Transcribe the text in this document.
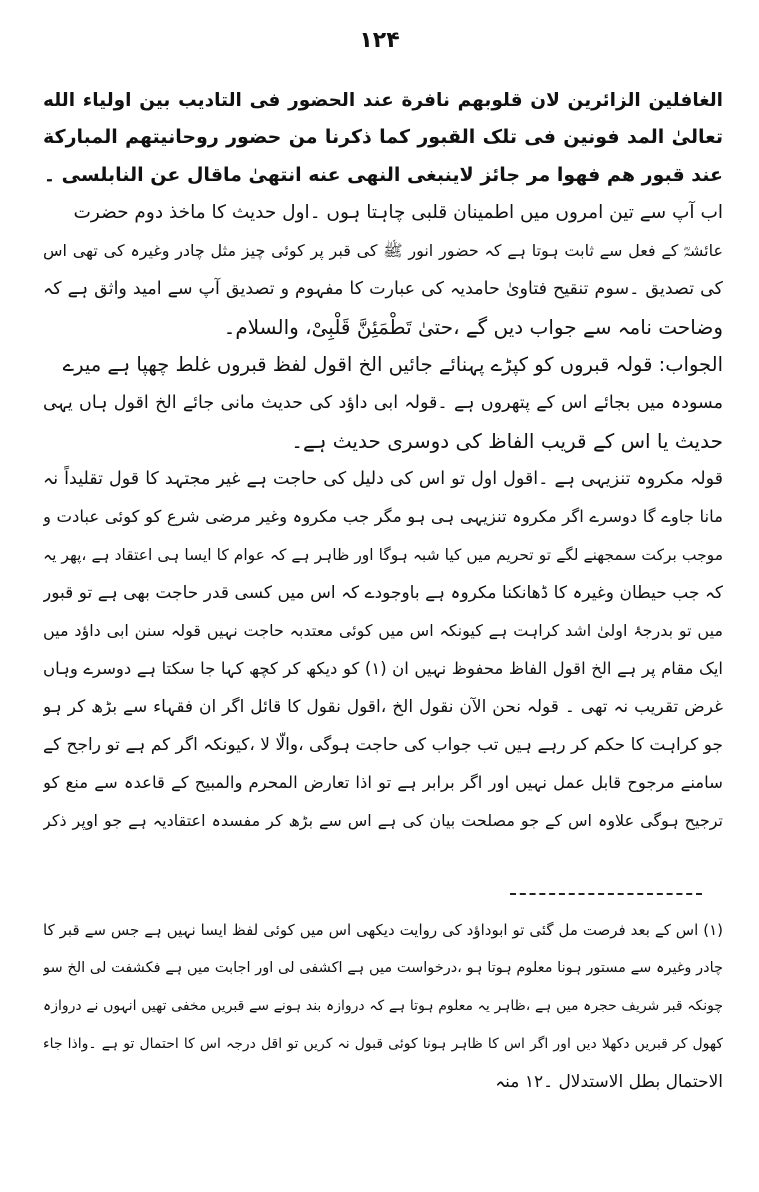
۱۲۴
الغافلين الزائرين لان قلوبهم نافرة عند الحضور فی التاديب بين اولياء الله
تعالیٰ المد فونين فی تلک القبور كما ذكرنا من حضور روحانيتهم المباركة
عند قبور هم فهوا مر جائز لاينبغی النهی عنه انتهیٰ ماقال عن النابلسی ۔
اب آپ سے تین امروں میں اطمینان قلبی چاہتا ہوں ۔اول حدیث کا ماخذ دوم حضرت
عائشہؓ کے فعل سے ثابت ہوتا ہے کہ حضور انور ﷺ کی قبر پر کوئی چیز مثل چادر وغیرہ کی تھی اس
کی تصدیق ۔سوم تنقیح فتاویٰ حامدیہ کی عبارت کا مفہوم و تصدیق آپ سے امید واثق ہے کہ
وضاحت نامہ سے جواب دیں گے ،حتیٰ تَطْمَئِنَّ قَلْبِیْ، والسلام۔
الجواب: قولہ قبروں کو کپڑے پہنائے جائیں الخ اقول لفظ قبروں غلط چھپا ہے میرے
مسودہ میں بجائے اس کے پتھروں ہے ۔قولہ ابی داؤد کی حدیث مانی جائے الخ اقول ہاں یہی
حدیث یا اس کے قریب الفاظ کی دوسری حدیث ہے۔
قولہ مکروہ تنزیہی ہے ۔اقول اول تو اس کی دلیل کی حاجت ہے غیر مجتہد کا قول تقلیداً نہ
مانا جاوے گا دوسرے اگر مکروہ تنزیہی ہی ہو مگر جب مکروہ وغیر مرضی شرع کو کوئی عبادت و
موجب برکت سمجھنے لگے تو تحریم میں کیا شبہ ہوگا اور ظاہر ہے کہ عوام کا ایسا ہی اعتقاد ہے ،پھر یہ
کہ جب حیطان وغیرہ کا ڈھانکنا مکروہ ہے باوجودے کہ اس میں کسی قدر حاجت بھی ہے تو قبور
میں تو بدرجۂ اولیٰ اشد کراہت ہے کیونکہ اس میں کوئی معتدبہ حاجت نہیں قولہ سنن ابی داؤد میں
ایک مقام پر ہے الخ اقول الفاظ محفوظ نہیں ان (۱) کو دیکھ کر کچھ کہا جا سکتا ہے دوسرے وہاں
غرض تقریب نہ تھی ۔ قولہ نحن الآن نقول الخ ،اقول نقول کا قائل اگر ان فقہاء سے بڑھ کر ہو
جو کراہت کا حکم کر رہے ہیں تب جواب کی حاجت ہوگی ،والّا لا ،کیونکہ اگر کم ہے تو راجح کے
سامنے مرجوح قابل عمل نہیں اور اگر برابر ہے تو اذا تعارض المحرم والمبیح کے قاعدہ سے منع کو
ترجیح ہوگی علاوہ اس کے جو مصلحت بیان کی ہے اس سے بڑھ کر مفسدہ اعتقادیہ ہے جو اوپر ذکر
(۱) اس کے بعد فرصت مل گئی تو ابوداؤد کی روایت دیکھی اس میں کوئی لفظ ایسا نہیں ہے جس سے قبر کا
چادر وغیرہ سے مستور ہونا معلوم ہوتا ہو ،درخواست میں ہے اکشفی لی اور اجابت میں ہے فکشفت لی الخ سو
چونکہ قبر شریف حجرہ میں ہے ،ظاہر یہ معلوم ہوتا ہے کہ دروازہ بند ہونے سے قبریں مخفی تھیں انہوں نے دروازہ
کھول کر قبریں دکھلا دیں اور اگر اس کا ظاہر ہونا کوئی قبول نہ کریں تو اقل درجہ اس کا احتمال تو ہے ۔واذا جاء
الاحتمال بطل الاستدلال ۔۱۲ منہ
